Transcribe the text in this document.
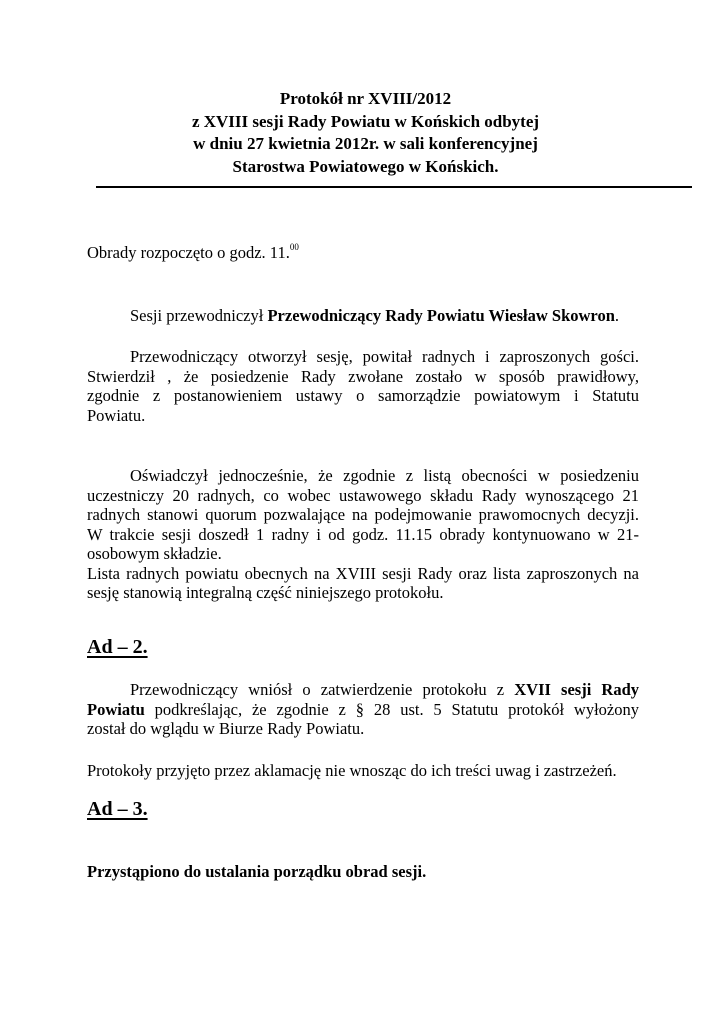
Protokół nr XVIII/2012
z XVIII sesji Rady Powiatu w Końskich odbytej
w dniu 27 kwietnia 2012r. w sali konferencyjnej
Starostwa Powiatowego w Końskich.
Obrady rozpoczęto o godz. 11.00
Sesji przewodniczył Przewodniczący Rady Powiatu Wiesław Skowron.
Przewodniczący otworzył sesję, powitał radnych i zaproszonych gości.
Stwierdził , że posiedzenie Rady zwołane zostało w sposób prawidłowy,
zgodnie z postanowieniem ustawy o samorządzie powiatowym i Statutu
Powiatu.
Oświadczył jednocześnie, że zgodnie z listą obecności w posiedzeniu
uczestniczy 20 radnych, co wobec ustawowego składu Rady wynoszącego 21
radnych stanowi quorum pozwalające na podejmowanie prawomocnych decyzji.
W trakcie sesji doszedł 1 radny i od godz. 11.15 obrady kontynuowano w 21-
osobowym składzie.
Lista radnych powiatu obecnych na XVIII sesji Rady oraz lista zaproszonych na
sesję stanowią integralną część niniejszego protokołu.
Ad – 2.
Przewodniczący wniósł o zatwierdzenie protokołu z XVII sesji Rady
Powiatu podkreślając, że zgodnie z § 28 ust. 5 Statutu protokół wyłożony
został do wglądu w Biurze Rady Powiatu.
Protokoły przyjęto przez aklamację nie wnosząc do ich treści uwag i zastrzeżeń.
Ad – 3.
Przystąpiono do ustalania porządku obrad sesji.
